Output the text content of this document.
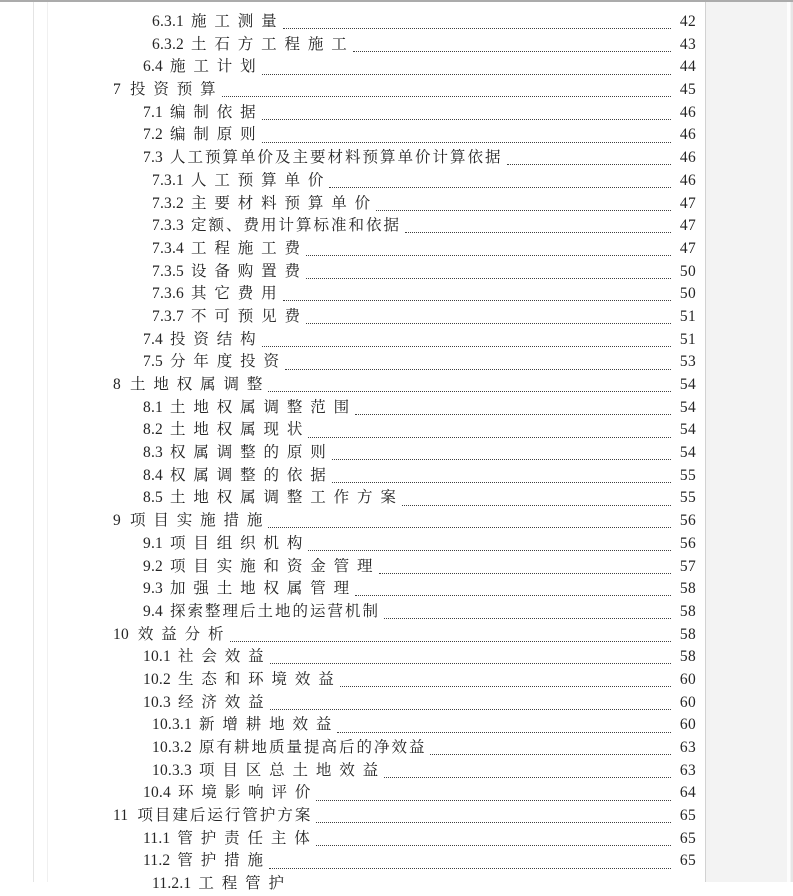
6.3.1 施 工 测 量	42
6.3.2 土 石 方 工 程 施 工	43
6.4 施 工 计 划	44
7 投 资 预 算	45
7.1 编 制 依 据	46
7.2 编 制 原 则	46
7.3 人工预算单价及主要材料预算单价计算依据	46
7.3.1 人 工 预 算 单 价	46
7.3.2 主 要 材 料 预 算 单 价	47
7.3.3 定额、费用计算标准和依据	47
7.3.4 工 程 施 工 费	47
7.3.5 设 备 购 置 费	50
7.3.6 其 它 费 用	50
7.3.7 不 可 预 见 费	51
7.4 投 资 结 构	51
7.5 分 年 度 投 资	53
8 土 地 权 属 调 整	54
8.1 土 地 权 属 调 整 范 围	54
8.2 土 地 权 属 现 状	54
8.3 权 属 调 整 的 原 则	54
8.4 权 属 调 整 的 依 据	55
8.5 土 地 权 属 调 整 工 作 方 案	55
9 项 目 实 施 措 施	56
9.1 项 目 组 织 机 构	56
9.2 项 目 实 施 和 资 金 管 理	57
9.3 加 强 土 地 权 属 管 理	58
9.4 探索整理后土地的运营机制	58
10 效 益 分 析	58
10.1 社 会 效 益	58
10.2 生 态 和 环 境 效 益	60
10.3 经 济 效 益	60
10.3.1 新 增 耕 地 效 益	60
10.3.2 原有耕地质量提高后的净效益	63
10.3.3 项 目 区 总 土 地 效 益	63
10.4 环 境 影 响 评 价	64
11 项目建后运行管护方案	65
11.1 管 护 责 任 主 体	65
11.2 管 护 措 施	65
11.2.1 工 程 管 护
